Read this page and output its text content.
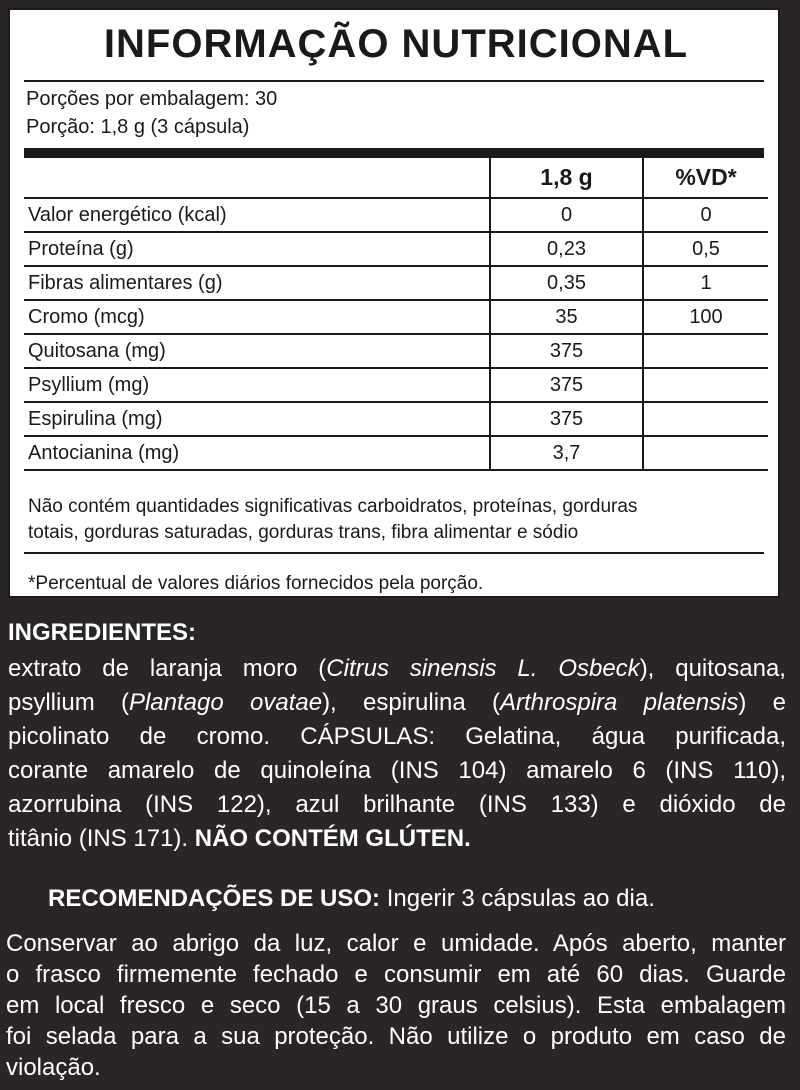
INFORMAÇÃO NUTRICIONAL
Porções por embalagem: 30
Porção: 1,8 g (3 cápsula)
	1,8 g	%VD*
Valor energético (kcal)	0	0
Proteína (g)	0,23	0,5
Fibras alimentares (g)	0,35	1
Cromo (mcg)	35	100
Quitosana (mg)	375	
Psyllium (mg)	375	
Espirulina (mg)	375	
Antocianina (mg)	3,7	
Não contém quantidades significativas carboidratos, proteínas, gorduras
totais, gorduras saturadas, gorduras trans, fibra alimentar e sódio
*Percentual de valores diários fornecidos pela porção.
INGREDIENTES:
extrato de laranja moro (Citrus sinensis L. Osbeck), quitosana,
psyllium (Plantago ovatae), espirulina (Arthrospira platensis) e
picolinato de cromo. CÁPSULAS: Gelatina, água purificada,
corante amarelo de quinoleína (INS 104) amarelo 6 (INS 110),
azorrubina (INS 122), azul brilhante (INS 133) e dióxido de
titânio (INS 171). NÃO CONTÉM GLÚTEN.
RECOMENDAÇÕES DE USO: Ingerir 3 cápsulas ao dia.
Conservar ao abrigo da luz, calor e umidade. Após aberto, manter
o frasco firmemente fechado e consumir em até 60 dias. Guarde
em local fresco e seco (15 a 30 graus celsius). Esta embalagem
foi selada para a sua proteção. Não utilize o produto em caso de
violação.
